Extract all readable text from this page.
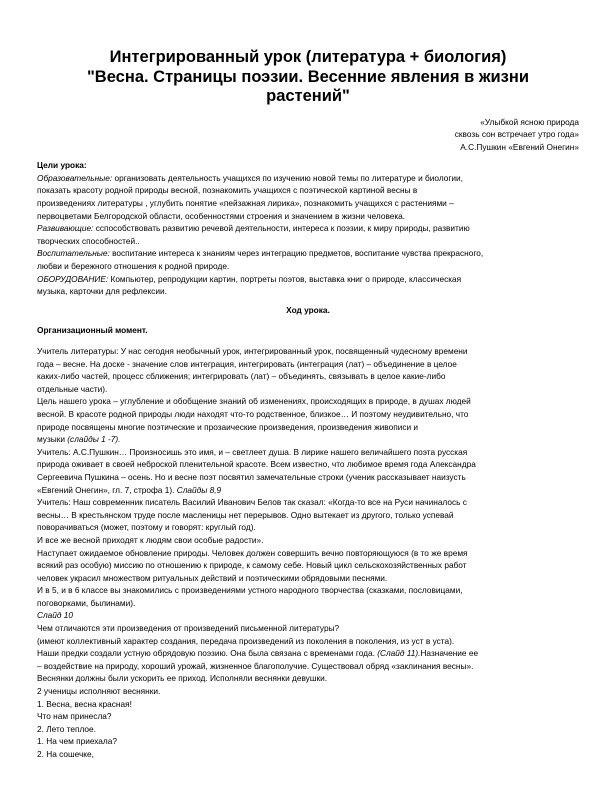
Интегрированный урок (литература + биология)
"Весна. Страницы поэзии. Весенние явления в жизни
растений"
«Улыбкой ясною природа
сквозь сон встречает утро года»
А.С.Пушкин «Евгений Онегин»
Цели урока:
Образовательные: организовать деятельность учащихся по изучению новой темы по литературе и биологии,
показать красоту родной природы весной, познакомить учащихся с поэтической картиной весны в
произведениях литературы , углубить понятие «пейзажная лирика», познакомить учащихся с растениями –
первоцветами Белгородской области, особенностями строения и значением в жизни человека.
Развивающие: сспособствовать развитию речевой деятельности, интереса к поэзии, к миру природы, развитию
творческих способностей..
Воспитательные: воспитание интереса к знаниям через интеграцию предметов, воспитание чувства прекрасного,
любви и бережного отношения к родной природе.
ОБОРУДОВАНИЕ: Компьютер, репродукции картин, портреты поэтов, выставка книг о природе, классическая
музыка, карточки для рефлексии.
Ход урока.
Организационный момент.
Учитель литературы: У нас сегодня необычный урок, интегрированный урок, посвященный чудесному времени
года – весне. На доске - значение слов интеграция, интегрировать (интеграция (лат) – объединение в целое
каких-либо частей, процесс сближения; интегрировать (лат) – объединять, связывать в целое какие-либо
отдельные части).
Цель нашего урока – углубление и обобщение знаний об изменениях, происходящих в природе, в душах людей
весной. В красоте родной природы люди находят что-то родственное, близкое… И поэтому неудивительно, что
природе посвящены многие поэтические и прозаические произведения, произведения живописи и
музыки (слайды 1 -7).
Учитель: А.С.Пушкин… Произносишь это имя, и – светлеет душа. В лирике нашего величайшего поэта русская
природа оживает в своей неброской пленительной красоте. Всем известно, что любимое время года Александра
Сергеевича Пушкина – осень. Но и весне поэт посвятил замечательные строки (ученик рассказывает наизусть
«Евгений Онегин», гл. 7, строфа 1). Слайды 8,9
Учитель: Наш современник писатель Василий Иванович Белов так сказал: «Когда-то все на Руси начиналось с
весны… В крестьянском труде после масленицы нет перерывов. Одно вытекает из другого, только успевай
поворачиваться (может, поэтому и говорят: круглый год).
И все же весной приходят к людям свои особые радости».
Наступает ожидаемое обновление природы. Человек должен совершить вечно повторяющуюся (в то же время
всякий раз особую) миссию по отношению к природе, к самому себе. Новый цикл сельскохозяйственных работ
человек украсил множеством ритуальных действий и поэтическими обрядовыми песнями.
И в 5, и в 6 классе вы знакомились с произведениями устного народного творчества (сказками, пословицами,
поговорками, былинами).
Слайд 10
Чем отличаются эти произведения от произведений письменной литературы?
(имеют коллективный характер создания, передача произведений из поколения в поколения, из уст в уста).
Наши предки создали устную обрядовую поэзию. Она была связана с временами года. (Слайд 11).Назначение ее
– воздействие на природу, хороший урожай, жизненное благополучие. Существовал обряд «заклинания весны».
Веснянки должны были ускорить ее приход. Исполняли веснянки девушки.
2 ученицы исполняют веснянки.
1. Весна, весна красная!
Что нам принесла?
2. Лето теплое.
1. На чем приехала?
2. На сошечке,
